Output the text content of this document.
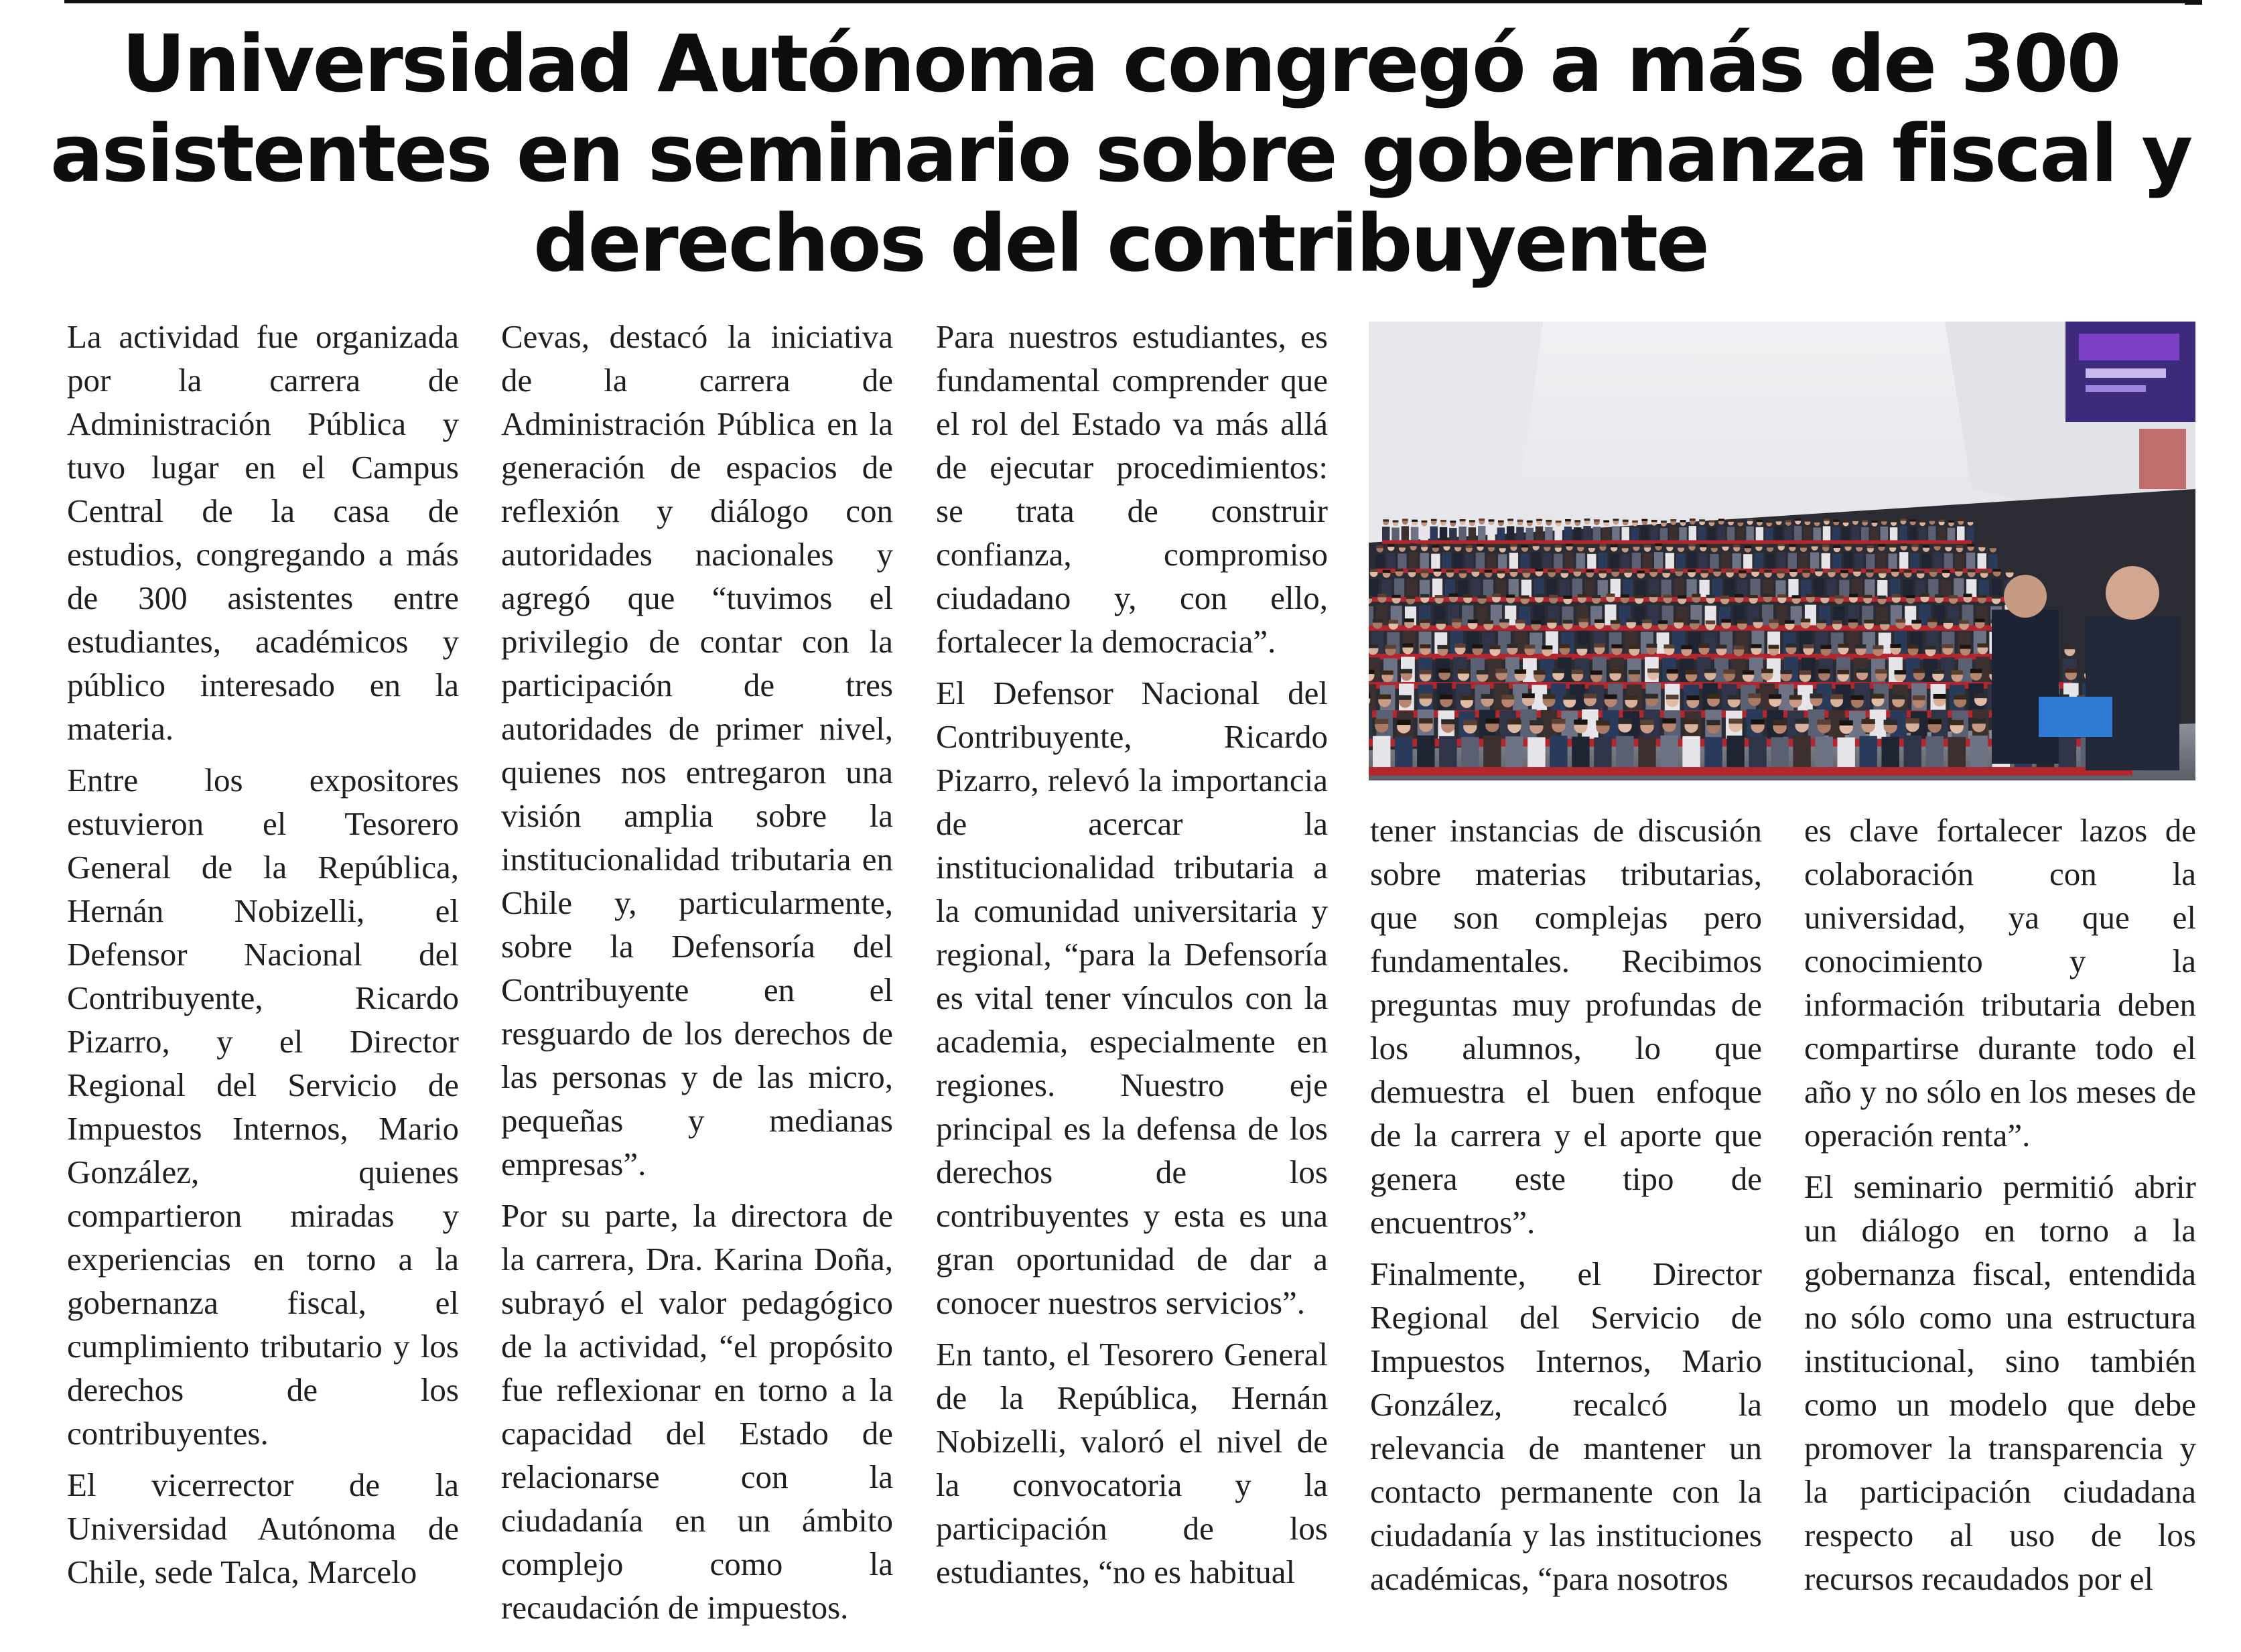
Universidad Autónoma congregó a más de 300 asistentes en seminario sobre gobernanza fiscal y derechos del contribuyente

La actividad fue organizada por la carrera de Administración Pública y tuvo lugar en el Campus Central de la casa de estudios, congregando a más de 300 asistentes entre estudiantes, académicos y público interesado en la materia.

Entre los expositores estuvieron el Tesorero General de la República, Hernán Nobizelli, el Defensor Nacional del Contribuyente, Ricardo Pizarro, y el Director Regional del Servicio de Impuestos Internos, Mario González, quienes compartieron miradas y experiencias en torno a la gobernanza fiscal, el cumplimiento tributario y los derechos de los contribuyentes.

El vicerrector de la Universidad Autónoma de Chile, sede Talca, Marcelo

Cevas, destacó la iniciativa de la carrera de Administración Pública en la generación de espacios de reflexión y diálogo con autoridades nacionales y agregó que “tuvimos el privilegio de contar con la participación de tres autoridades de primer nivel, quienes nos entregaron una visión amplia sobre la institucionalidad tributaria en Chile y, particularmente, sobre la Defensoría del Contribuyente en el resguardo de los derechos de las personas y de las micro, pequeñas y medianas empresas”.

Por su parte, la directora de la carrera, Dra. Karina Doña, subrayó el valor pedagógico de la actividad, “el propósito fue reflexionar en torno a la capacidad del Estado de relacionarse con la ciudadanía en un ámbito complejo como la recaudación de impuestos.

Para nuestros estudiantes, es fundamental comprender que el rol del Estado va más allá de ejecutar procedimientos: se trata de construir confianza, compromiso ciudadano y, con ello, fortalecer la democracia”.

El Defensor Nacional del Contribuyente, Ricardo Pizarro, relevó la importancia de acercar la institucionalidad tributaria a la comunidad universitaria y regional, “para la Defensoría es vital tener vínculos con la academia, especialmente en regiones. Nuestro eje principal es la defensa de los derechos de los contribuyentes y esta es una gran oportunidad de dar a conocer nuestros servicios”.

En tanto, el Tesorero General de la República, Hernán Nobizelli, valoró el nivel de la convocatoria y la participación de los estudiantes, “no es habitual

tener instancias de discusión sobre materias tributarias, que son complejas pero fundamentales. Recibimos preguntas muy profundas de los alumnos, lo que demuestra el buen enfoque de la carrera y el aporte que genera este tipo de encuentros”.

Finalmente, el Director Regional del Servicio de Impuestos Internos, Mario González, recalcó la relevancia de mantener un contacto permanente con la ciudadanía y las instituciones académicas, “para nosotros

es clave fortalecer lazos de colaboración con la universidad, ya que el conocimiento y la información tributaria deben compartirse durante todo el año y no sólo en los meses de operación renta”.

El seminario permitió abrir un diálogo en torno a la gobernanza fiscal, entendida no sólo como una estructura institucional, sino también como un modelo que debe promover la transparencia y la participación ciudadana respecto al uso de los recursos recaudados por el
